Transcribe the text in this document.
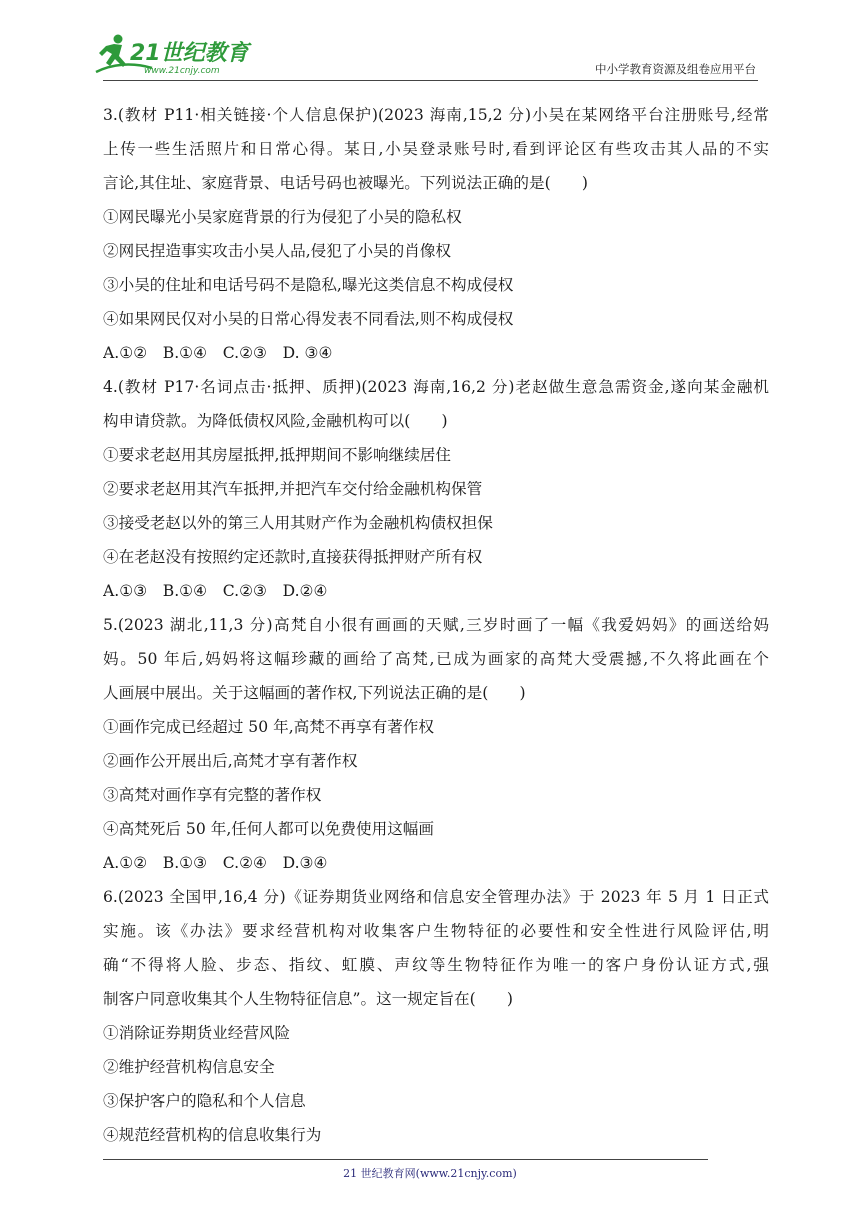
21世纪教育
www.21cnjy.com	中小学教育资源及组卷应用平台
3.(教材 P11·相关链接·个人信息保护)(2023 海南,15,2 分)小吴在某网络平台注册账号,经常
上传一些生活照片和日常心得。某日,小吴登录账号时,看到评论区有些攻击其人品的不实
言论,其住址、家庭背景、电话号码也被曝光。下列说法正确的是(　　)
①网民曝光小吴家庭背景的行为侵犯了小吴的隐私权
②网民捏造事实攻击小吴人品,侵犯了小吴的肖像权
③小吴的住址和电话号码不是隐私,曝光这类信息不构成侵权
④如果网民仅对小吴的日常心得发表不同看法,则不构成侵权
A.①②　B.①④　C.②③　D. ③④
4.(教材 P17·名词点击·抵押、质押)(2023 海南,16,2 分)老赵做生意急需资金,遂向某金融机
构申请贷款。为降低债权风险,金融机构可以(　　)
①要求老赵用其房屋抵押,抵押期间不影响继续居住
②要求老赵用其汽车抵押,并把汽车交付给金融机构保管
③接受老赵以外的第三人用其财产作为金融机构债权担保
④在老赵没有按照约定还款时,直接获得抵押财产所有权
A.①③　B.①④　C.②③　D.②④
5.(2023 湖北,11,3 分)高梵自小很有画画的天赋,三岁时画了一幅《我爱妈妈》的画送给妈
妈。50 年后,妈妈将这幅珍藏的画给了高梵,已成为画家的高梵大受震撼,不久将此画在个
人画展中展出。关于这幅画的著作权,下列说法正确的是(　　)
①画作完成已经超过 50 年,高梵不再享有著作权
②画作公开展出后,高梵才享有著作权
③高梵对画作享有完整的著作权
④高梵死后 50 年,任何人都可以免费使用这幅画
A.①②　B.①③　C.②④　D.③④
6.(2023 全国甲,16,4 分)《证券期货业网络和信息安全管理办法》于 2023 年 5 月 1 日正式
实施。该《办法》要求经营机构对收集客户生物特征的必要性和安全性进行风险评估,明
确“不得将人脸、步态、指纹、虹膜、声纹等生物特征作为唯一的客户身份认证方式,强
制客户同意收集其个人生物特征信息”。这一规定旨在(　　)
①消除证券期货业经营风险
②维护经营机构信息安全
③保护客户的隐私和个人信息
④规范经营机构的信息收集行为
21 世纪教育网(www.21cnjy.com)
